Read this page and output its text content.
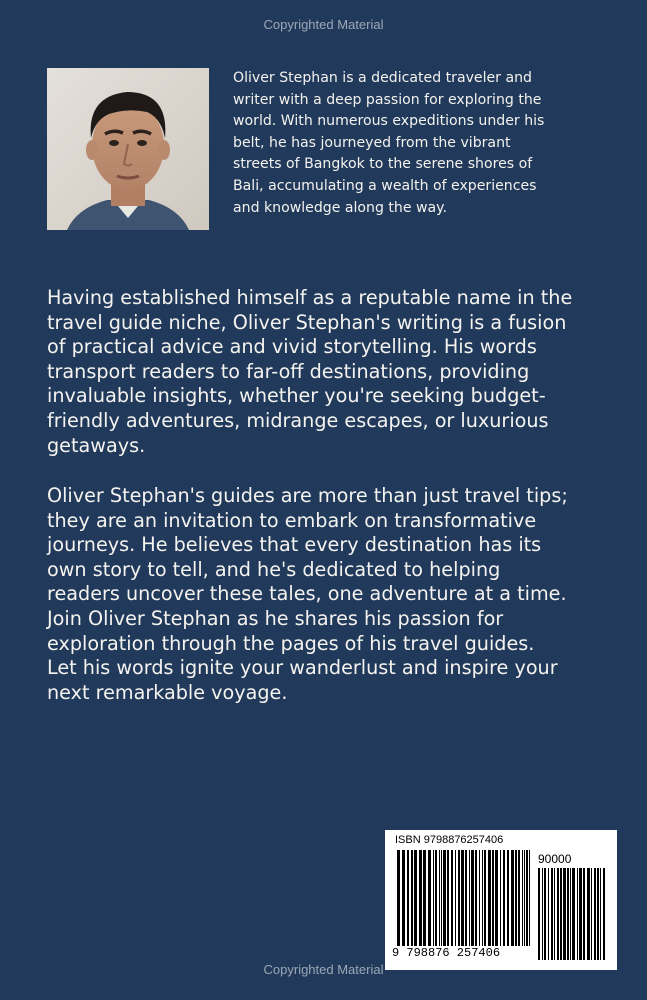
Copyrighted Material
Oliver Stephan is a dedicated traveler and
writer with a deep passion for exploring the
world. With numerous expeditions under his
belt, he has journeyed from the vibrant
streets of Bangkok to the serene shores of
Bali, accumulating a wealth of experiences
and knowledge along the way.
Having established himself as a reputable name in the
travel guide niche, Oliver Stephan's writing is a fusion
of practical advice and vivid storytelling. His words
transport readers to far-off destinations, providing
invaluable insights, whether you're seeking budget-
friendly adventures, midrange escapes, or luxurious
getaways.
Oliver Stephan's guides are more than just travel tips;
they are an invitation to embark on transformative
journeys. He believes that every destination has its
own story to tell, and he's dedicated to helping
readers uncover these tales, one adventure at a time.
Join Oliver Stephan as he shares his passion for
exploration through the pages of his travel guides.
Let his words ignite your wanderlust and inspire your
next remarkable voyage.
ISBN 9798876257406
90000
9 798876 257406
Copyrighted Material
